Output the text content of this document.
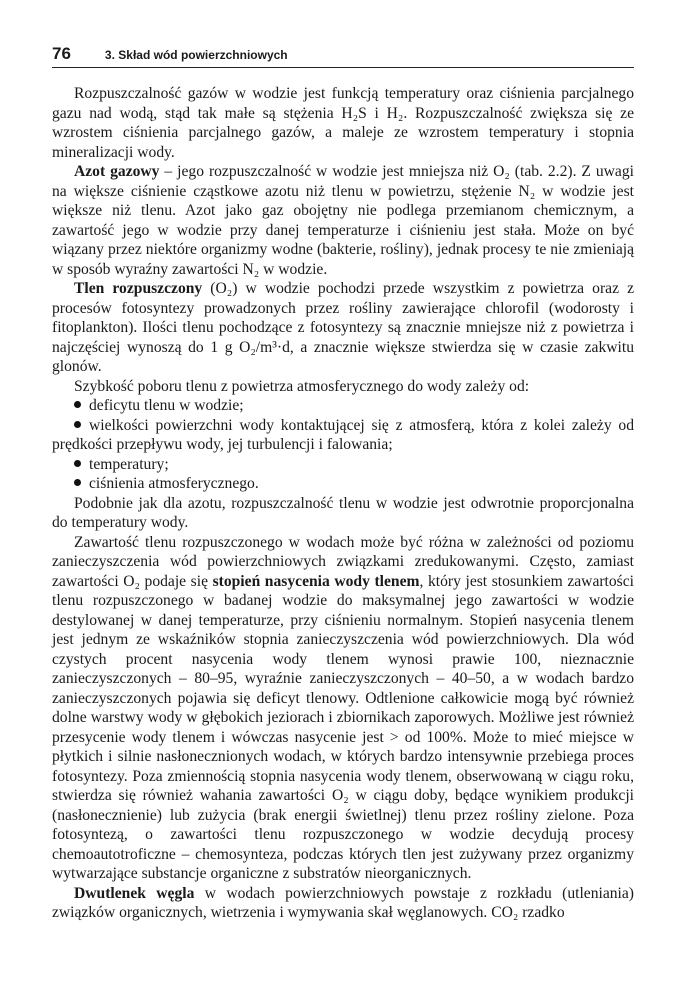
76	3. Skład wód powierzchniowych

Rozpuszczalność gazów w wodzie jest funkcją temperatury oraz ciśnienia parcjalnego gazu nad wodą, stąd tak małe są stężenia H₂S i H₂. Rozpuszczalność zwiększa się ze wzrostem ciśnienia parcjalnego gazów, a maleje ze wzrostem temperatury i stopnia mineralizacji wody.

Azot gazowy – jego rozpuszczalność w wodzie jest mniejsza niż O₂ (tab. 2.2). Z uwagi na większe ciśnienie cząstkowe azotu niż tlenu w powietrzu, stężenie N₂ w wodzie jest większe niż tlenu. Azot jako gaz obojętny nie podlega przemianom chemicznym, a zawartość jego w wodzie przy danej temperaturze i ciśnieniu jest stała. Może on być wiązany przez niektóre organizmy wodne (bakterie, rośliny), jednak procesy te nie zmieniają w sposób wyraźny zawartości N₂ w wodzie.

Tlen rozpuszczony (O₂) w wodzie pochodzi przede wszystkim z powietrza oraz z procesów fotosyntezy prowadzonych przez rośliny zawierające chlorofil (wodorosty i fitoplankton). Ilości tlenu pochodzące z fotosyntezy są znacznie mniejsze niż z powietrza i najczęściej wynoszą do 1 g O₂/m³·d, a znacznie większe stwierdza się w czasie zakwitu glonów.

Szybkość poboru tlenu z powietrza atmosferycznego do wody zależy od:

deficytu tlenu w wodzie;

wielkości powierzchni wody kontaktującej się z atmosferą, która z kolei zależy od prędkości przepływu wody, jej turbulencji i falowania;

temperatury;

ciśnienia atmosferycznego.

Podobnie jak dla azotu, rozpuszczalność tlenu w wodzie jest odwrotnie proporcjonalna do temperatury wody.

Zawartość tlenu rozpuszczonego w wodach może być różna w zależności od poziomu zanieczyszczenia wód powierzchniowych związkami zredukowanymi. Często, zamiast zawartości O₂ podaje się stopień nasycenia wody tlenem, który jest stosunkiem zawartości tlenu rozpuszczonego w badanej wodzie do maksymalnej jego zawartości w wodzie destylowanej w danej temperaturze, przy ciśnieniu normalnym. Stopień nasycenia tlenem jest jednym ze wskaźników stopnia zanieczyszczenia wód powierzchniowych. Dla wód czystych procent nasycenia wody tlenem wynosi prawie 100, nieznacznie zanieczyszczonych – 80–95, wyraźnie zanieczyszczonych – 40–50, a w wodach bardzo zanieczyszczonych pojawia się deficyt tlenowy. Odtlenione całkowicie mogą być również dolne warstwy wody w głębokich jeziorach i zbiornikach zaporowych. Możliwe jest również przesycenie wody tlenem i wówczas nasycenie jest > od 100%. Może to mieć miejsce w płytkich i silnie nasłonecznionych wodach, w których bardzo intensywnie przebiega proces fotosyntezy. Poza zmiennością stopnia nasycenia wody tlenem, obserwowaną w ciągu roku, stwierdza się również wahania zawartości O₂ w ciągu doby, będące wynikiem produkcji (nasłonecznienie) lub zużycia (brak energii świetlnej) tlenu przez rośliny zielone. Poza fotosyntezą, o zawartości tlenu rozpuszczonego w wodzie decydują procesy chemoautotroficzne – chemosynteza, podczas których tlen jest zużywany przez organizmy wytwarzające substancje organiczne z substratów nieorganicznych.

Dwutlenek węgla w wodach powierzchniowych powstaje z rozkładu (utleniania) związków organicznych, wietrzenia i wymywania skał węglanowych. CO₂ rzadko
